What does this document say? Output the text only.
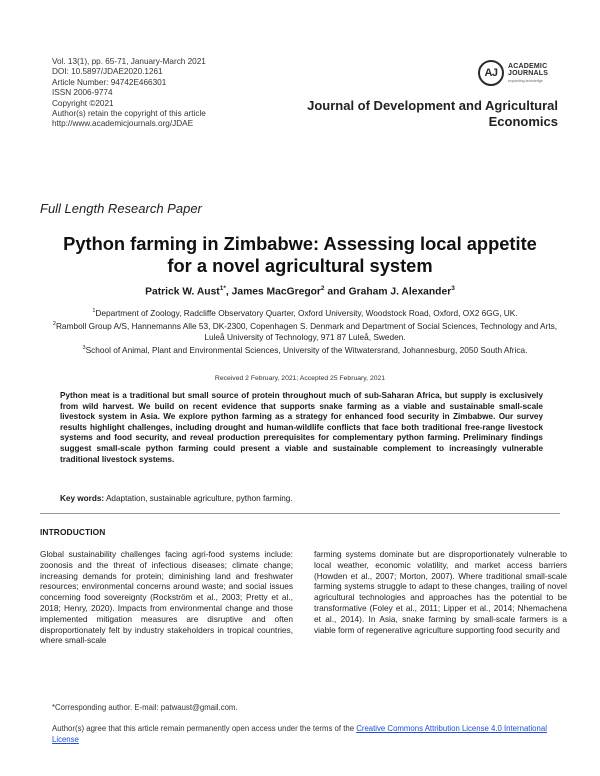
Vol. 13(1), pp. 65-71, January-March 2021
DOI: 10.5897/JDAE2020.1261
Article Number: 94742E466301
ISSN 2006-9774
Copyright ©2021
Author(s) retain the copyright of this article
http://www.academicjournals.org/JDAE
AJ
ACADEMIC
JOURNALS
expanding knowledge
Journal of Development and Agricultural
Economics
Full Length Research Paper
Python farming in Zimbabwe: Assessing local appetite
for a novel agricultural system
Patrick W. Aust$^{1*}$, James MacGregor$^2$ and Graham J. Alexander$^3$
$^1$Department of Zoology, Radcliffe Observatory Quarter, Oxford University, Woodstock Road, Oxford, OX2 6GG, UK.
$^2$Ramboll Group A/S, Hannemanns Alle 53, DK-2300, Copenhagen S. Denmark and Department of Social Sciences, Technology and Arts, Luleå University of Technology, 971 87 Luleå, Sweden.
$^3$School of Animal, Plant and Environmental Sciences, University of the Witwatersrand, Johannesburg, 2050 South Africa.
Received 2 February, 2021; Accepted 25 February, 2021
Python meat is a traditional but small source of protein throughout much of sub-Saharan Africa, but supply is exclusively from wild harvest. We build on recent evidence that supports snake farming as a viable and sustainable small-scale livestock system in Asia. We explore python farming as a strategy for enhanced food security in Zimbabwe. Our survey results highlight challenges, including drought and human-wildlife conflicts that face both traditional free-range livestock systems and food security, and reveal production prerequisites for complementary python farming. Preliminary findings suggest small-scale python farming could present a viable and sustainable complement to increasingly vulnerable traditional livestock systems.
Key words: Adaptation, sustainable agriculture, python farming.
INTRODUCTION
Global sustainability challenges facing agri-food systems include: zoonosis and the threat of infectious diseases; climate change; increasing demands for protein; diminishing land and freshwater resources; environmental concerns around waste; and social issues concerning food sovereignty (Rockström et al., 2003; Pretty et al., 2018; Henry, 2020). Impacts from environmental change and those implemented mitigation measures are disruptive and often disproportionately felt by industry stakeholders in tropical countries, where small-scale
farming systems dominate but are disproportionately vulnerable to local weather, economic volatility, and market access barriers (Howden et al., 2007; Morton, 2007). Where traditional small-scale farming systems struggle to adapt to these changes, trailing of novel agricultural technologies and approaches has the potential to be transformative (Foley et al., 2011; Lipper et al., 2014; Nhemachena et al., 2014). In Asia, snake farming by small-scale farmers is a viable form of regenerative agriculture supporting food security and
*Corresponding author. E-mail: patwaust@gmail.com.
Author(s) agree that this article remain permanently open access under the terms of the Creative Commons Attribution License 4.0 International License
